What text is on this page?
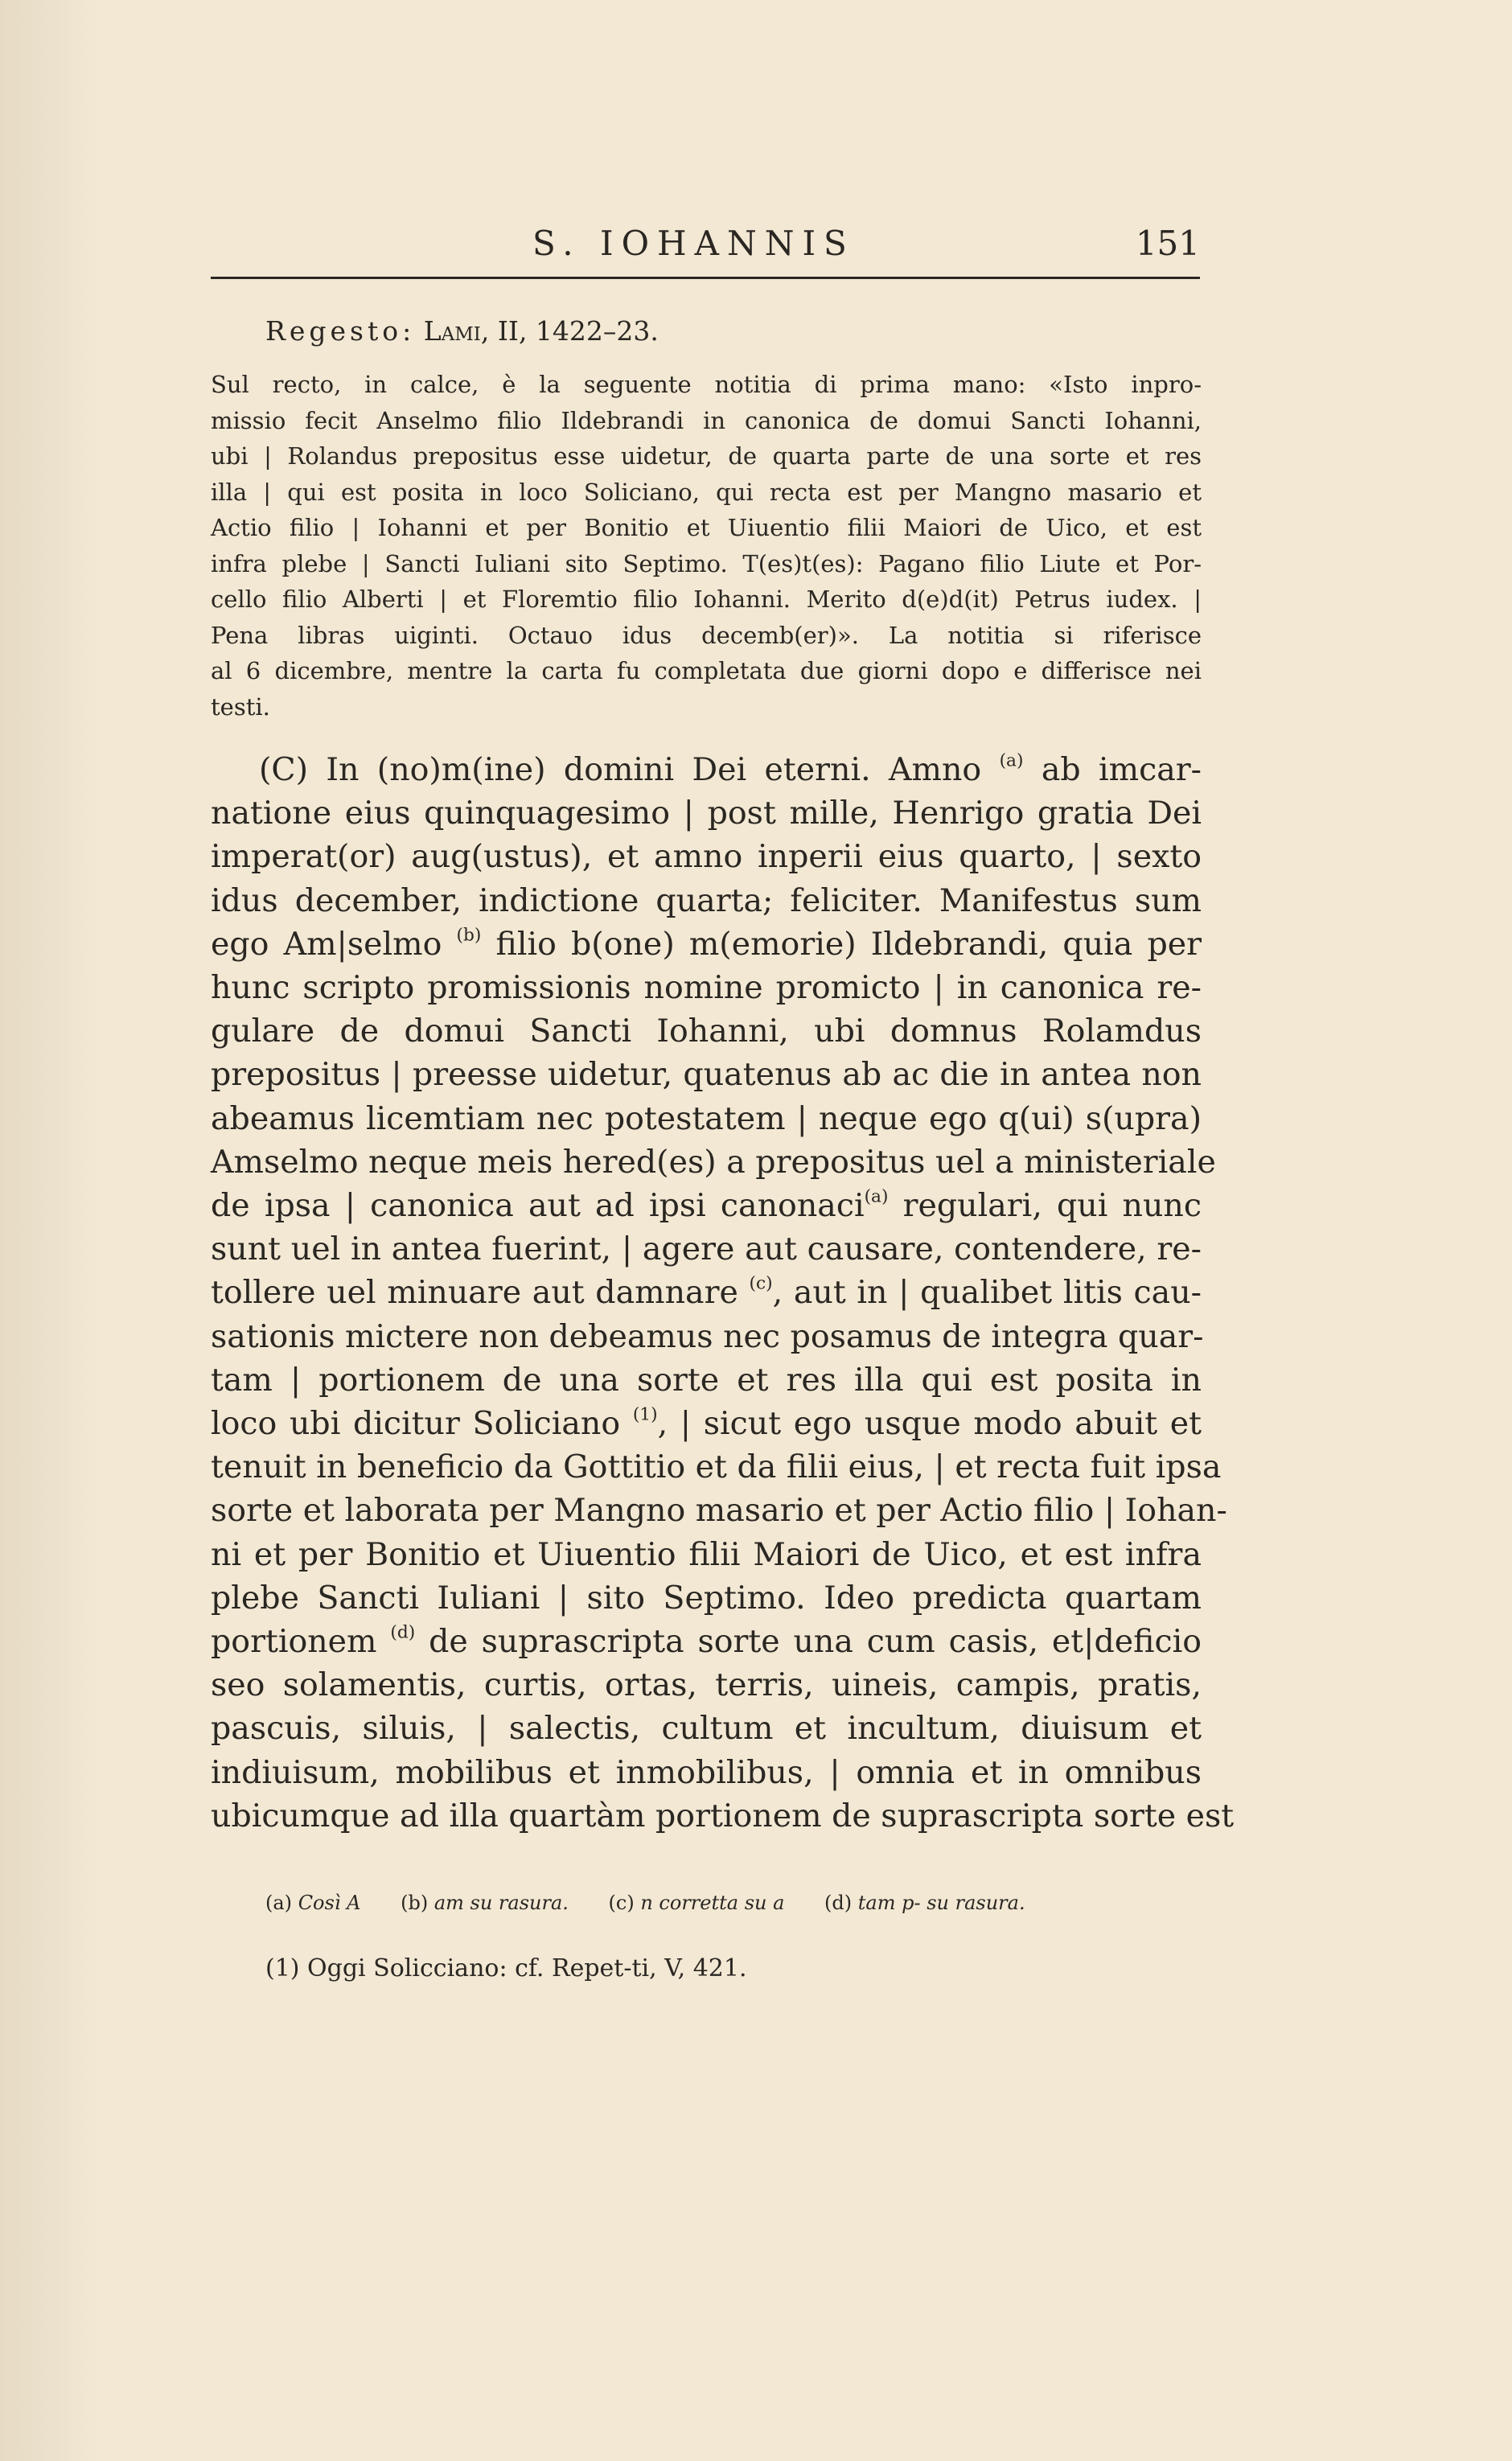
S. IOHANNIS	151
Regesto: Lami, II, 1422–23.
Sul recto, in calce, è la seguente notitia di prima mano: «Isto inpro-
missio fecit Anselmo filio Ildebrandi in canonica de domui Sancti Iohanni,
ubi | Rolandus prepositus esse uidetur, de quarta parte de una sorte et res
illa | qui est posita in loco Soliciano, qui recta est per Mangno masario et
Actio filio | Iohanni et per Bonitio et Uiuentio filii Maiori de Uico, et est
infra plebe | Sancti Iuliani sito Septimo. T(es)t(es): Pagano filio Liute et Por-
cello filio Alberti | et Floremtio filio Iohanni. Merito d(e)d(it) Petrus iudex. |
Pena libras uiginti. Octauo idus decemb(er)». La notitia si riferisce
al 6 dicembre, mentre la carta fu completata due giorni dopo e differisce nei
testi.
(C) In (no)m(ine) domini Dei eterni. Amno $^{(a)}$ ab imcar-
natione eius quinquagesimo | post mille, Henrigo gratia Dei
imperat(or) aug(ustus), et amno inperii eius quarto, | sexto
idus december, indictione quarta; feliciter. Manifestus sum
ego Am|selmo $^{(b)}$ filio b(one) m(emorie) Ildebrandi, quia per
hunc scripto promissionis nomine promicto | in canonica re-
gulare de domui Sancti Iohanni, ubi domnus Rolamdus
prepositus | preesse uidetur, quatenus ab ac die in antea non
abeamus licemtiam nec potestatem | neque ego q(ui) s(upra)
Amselmo neque meis hered(es) a prepositus uel a ministeriale
de ipsa | canonica aut ad ipsi canonaci$^{(a)}$ regulari, qui nunc
sunt uel in antea fuerint, | agere aut causare, contendere, re-
tollere uel minuare aut damnare $^{(c)}$, aut in | qualibet litis cau-
sationis mictere non debeamus nec posamus de integra quar-
tam | portionem de una sorte et res illa qui est posita in
loco ubi dicitur Soliciano $^{(1)}$, | sicut ego usque modo abuit et
tenuit in beneficio da Gottitio et da filii eius, | et recta fuit ipsa
sorte et laborata per Mangno masario et per Actio filio | Iohan-
ni et per Bonitio et Uiuentio filii Maiori de Uico, et est infra
plebe Sancti Iuliani | sito Septimo. Ideo predicta quartam
portionem $^{(d)}$ de suprascripta sorte una cum casis, et|deficio
seo solamentis, curtis, ortas, terris, uineis, campis, pratis,
pascuis, siluis, | salectis, cultum et incultum, diuisum et
indiuisum, mobilibus et inmobilibus, | omnia et in omnibus
ubicumque ad illa quartàm portionem de suprascripta sorte est
(a) Così A (b) am su rasura. (c) n corretta su a (d) tam p- su rasura.
(1) Oggi Solicciano: cf. Repet-ti, V, 421.
